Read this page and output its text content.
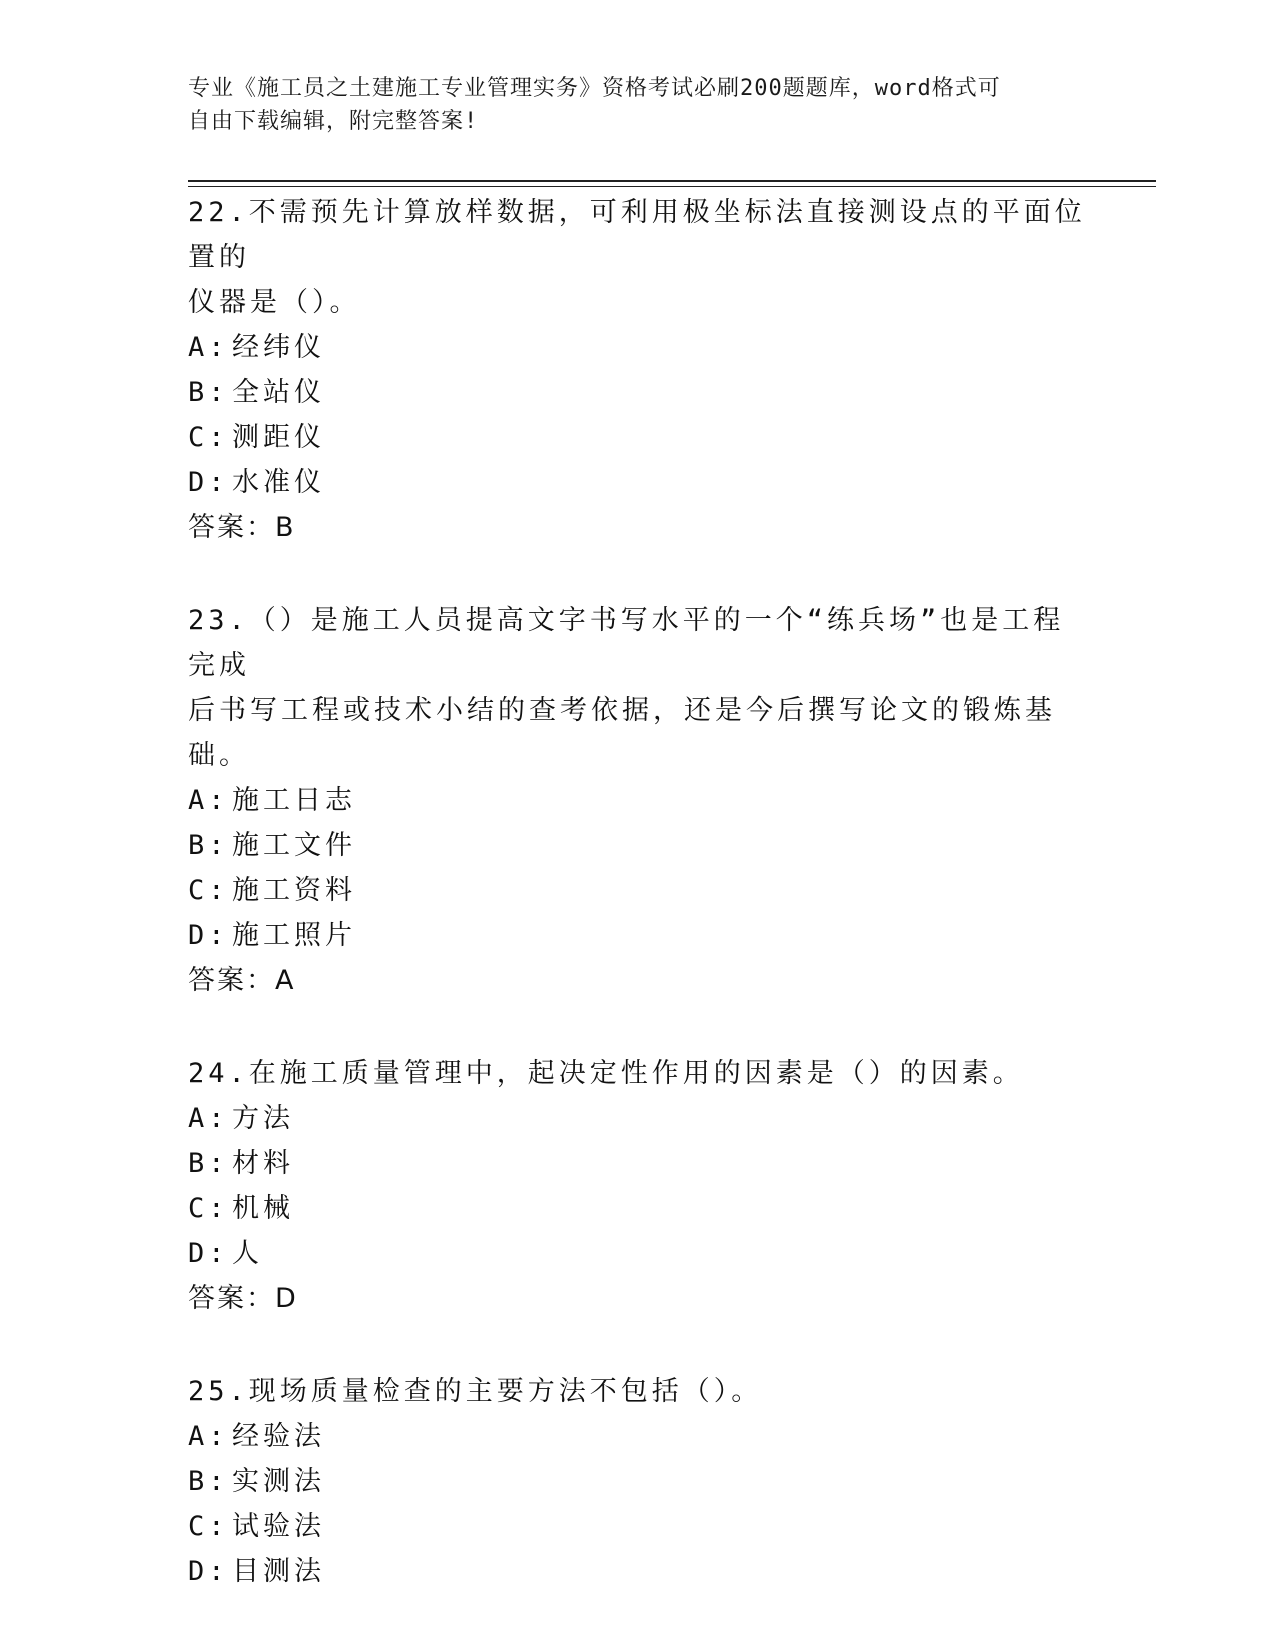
专业《施工员之土建施工专业管理实务》资格考试必刷200题题库，word格式可
自由下载编辑，附完整答案!

22.不需预先计算放样数据，可利用极坐标法直接测设点的平面位置的

仪器是（）。

A: 经纬仪

B: 全站仪

C: 测距仪

D: 水准仪

答案：B

23.（）是施工人员提高文字书写水平的一个“练兵场”也是工程完成

后书写工程或技术小结的查考依据，还是今后撰写论文的锻炼基础。

A: 施工日志

B: 施工文件

C: 施工资料

D: 施工照片

答案：A

24.在施工质量管理中，起决定性作用的因素是（）的因素。

A: 方法

B: 材料

C: 机械

D: 人

答案：D

25.现场质量检查的主要方法不包括（）。

A: 经验法

B: 实测法

C: 试验法

D: 目测法
